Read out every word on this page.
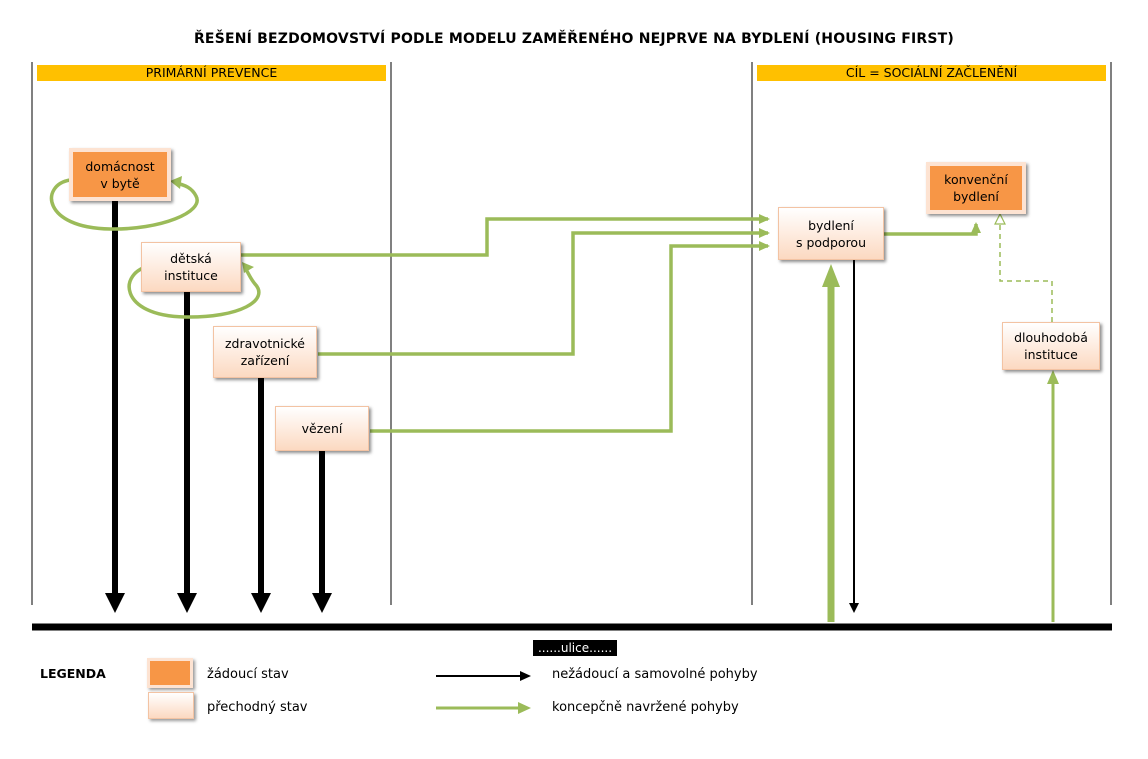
ŘEŠENÍ BEZDOMOVSTVÍ PODLE MODELU ZAMĚŘENÉHO NEJPRVE NA BYDLENÍ (HOUSING FIRST)
PRIMÁRNÍ PREVENCE	CÍL = SOCIÁLNÍ ZAČLENĚNÍ
domácnost
v bytě
dětská
instituce
zdravotnické
zařízení
vězení
bydlení
s podporou
konvenční
bydlení
dlouhodobá
instituce
......ulice......
LEGENDA	žádoucí stav
přechodný stav
nežádoucí a samovolné pohyby
koncepčně navržené pohyby
